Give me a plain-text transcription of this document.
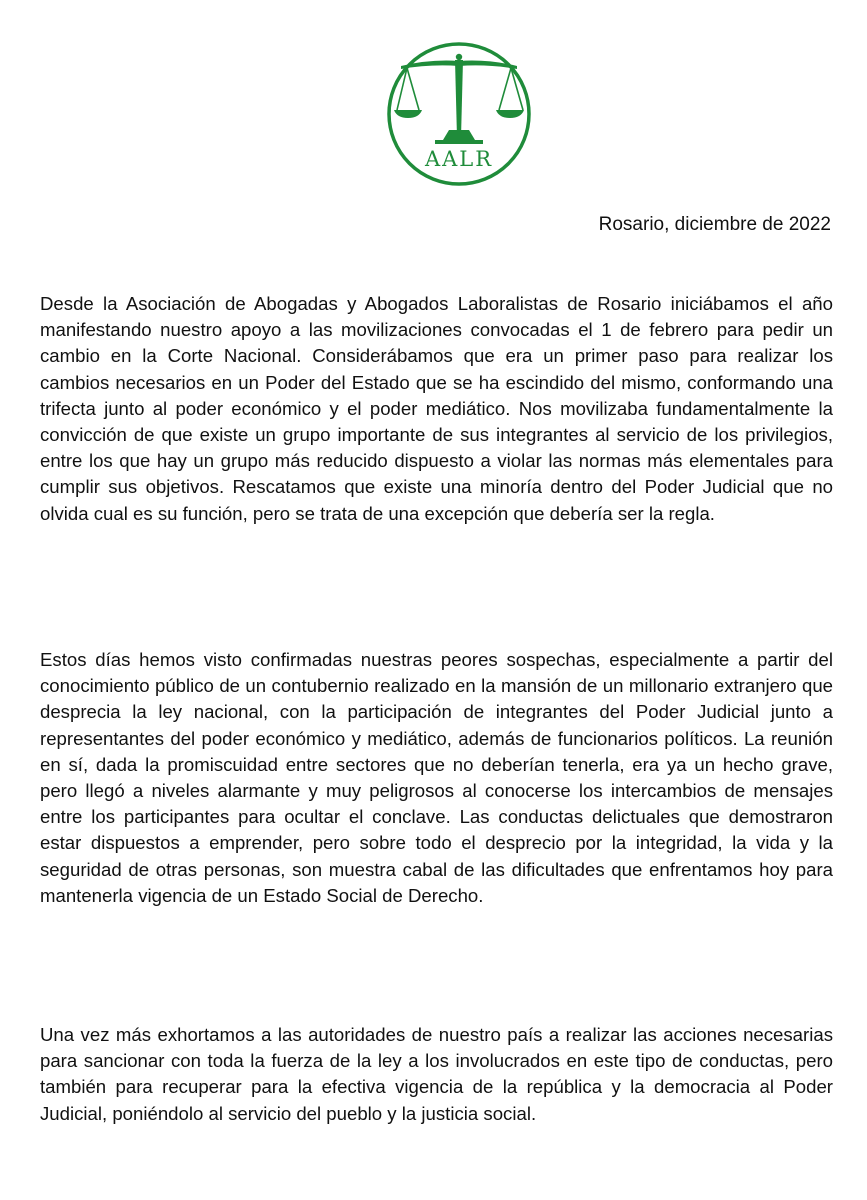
AALR
Rosario, diciembre de 2022

Desde la Asociación de Abogadas y Abogados Laboralistas de Rosario iniciábamos el año manifestando nuestro apoyo a las movilizaciones convocadas el 1 de febrero para pedir un cambio en la Corte Nacional. Considerábamos que era un primer paso para realizar los cambios necesarios en un Poder del Estado que se ha escindido del mismo, conformando una trifecta junto al poder económico y el poder mediático. Nos movilizaba fundamentalmente la convicción de que existe un grupo importante de sus integrantes al servicio de los privilegios, entre los que hay un grupo más reducido dispuesto a violar las normas más elementales para cumplir sus objetivos. Rescatamos que existe una minoría dentro del Poder Judicial que no olvida cual es su función, pero se trata de una excepción que debería ser la regla.

Estos días hemos visto confirmadas nuestras peores sospechas, especialmente a partir del conocimiento público de un contubernio realizado en la mansión de un millonario extranjero que desprecia la ley nacional, con la participación de integrantes del Poder Judicial junto a representantes del poder económico y mediático, además de funcionarios políticos. La reunión en sí, dada la promiscuidad entre sectores que no deberían tenerla, era ya un hecho grave, pero llegó a niveles alarmante y muy peligrosos al conocerse los intercambios de mensajes entre los participantes para ocultar el conclave. Las conductas delictuales que demostraron estar dispuestos a emprender, pero sobre todo el desprecio por la integridad, la vida y la seguridad de otras personas, son muestra cabal de las dificultades que enfrentamos hoy para mantenerla vigencia de un Estado Social de Derecho.

Una vez más exhortamos a las autoridades de nuestro país a realizar las acciones necesarias para sancionar con toda la fuerza de la ley a los involucrados en este tipo de conductas, pero también para recuperar para la efectiva vigencia de la república y la democracia al Poder Judicial, poniéndolo al servicio del pueblo y la justicia social.
